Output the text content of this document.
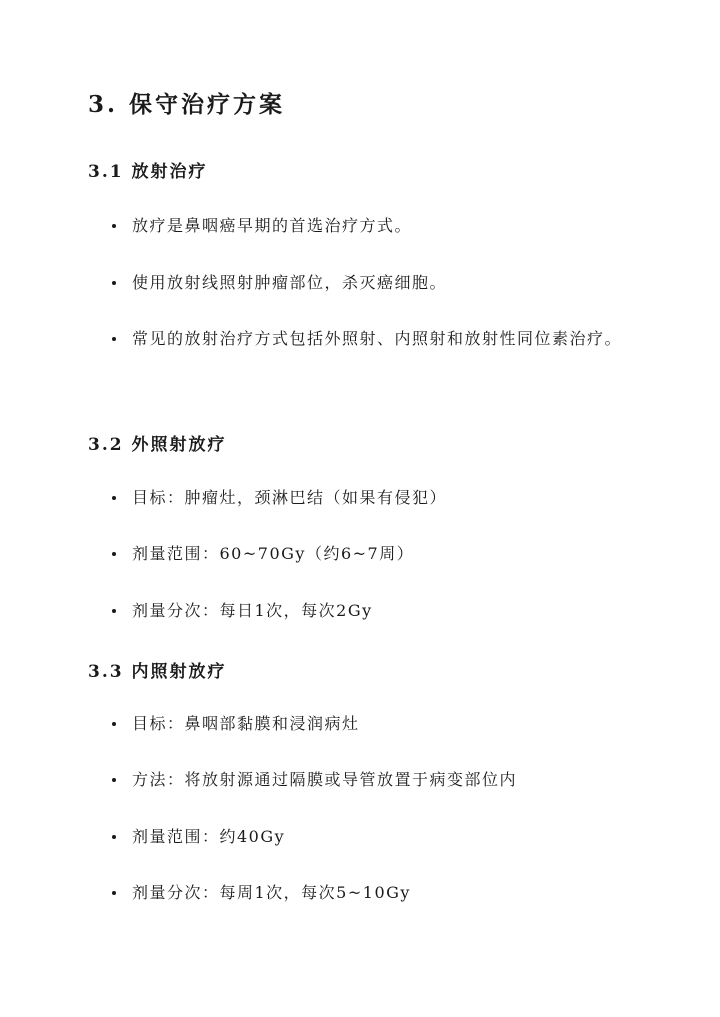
3. 保守治疗方案
3.1 放射治疗
放疗是鼻咽癌早期的首选治疗方式。
使用放射线照射肿瘤部位，杀灭癌细胞。
常见的放射治疗方式包括外照射、内照射和放射性同位素治疗。
3.2 外照射放疗
目标：肿瘤灶，颈淋巴结（如果有侵犯）
剂量范围：60~70Gy（约6~7周）
剂量分次：每日1次，每次2Gy
3.3 内照射放疗
目标：鼻咽部黏膜和浸润病灶
方法：将放射源通过隔膜或导管放置于病变部位内
剂量范围：约40Gy
剂量分次：每周1次，每次5~10Gy
